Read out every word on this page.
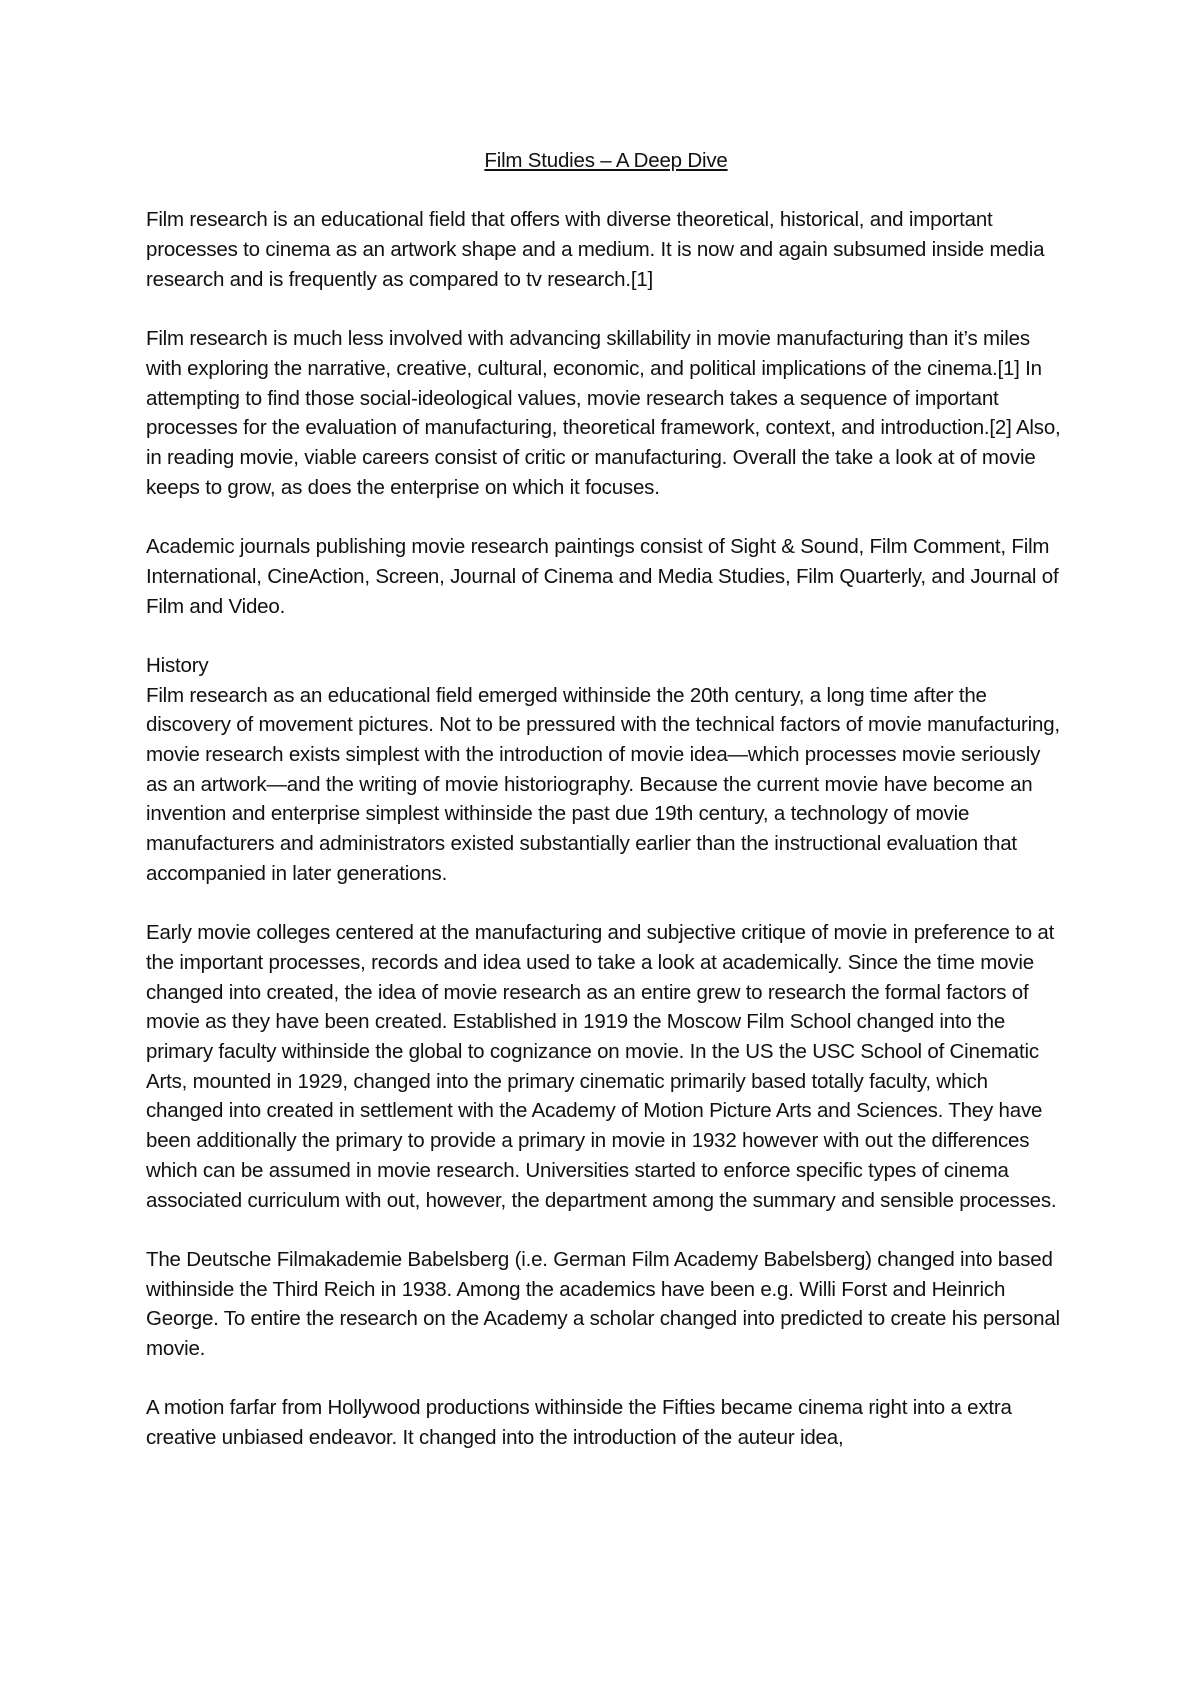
Film Studies – A Deep Dive

Film research is an educational field that offers with diverse theoretical, historical, and important processes to cinema as an artwork shape and a medium. It is now and again subsumed inside media research and is frequently as compared to tv research.[1]

Film research is much less involved with advancing skillability in movie manufacturing than it’s miles with exploring the narrative, creative, cultural, economic, and political implications of the cinema.[1] In attempting to find those social-ideological values, movie research takes a sequence of important processes for the evaluation of manufacturing, theoretical framework, context, and introduction.[2] Also, in reading movie, viable careers consist of critic or manufacturing. Overall the take a look at of movie keeps to grow, as does the enterprise on which it focuses.

Academic journals publishing movie research paintings consist of Sight & Sound, Film Comment, Film International, CineAction, Screen, Journal of Cinema and Media Studies, Film Quarterly, and Journal of Film and Video.

History

Film research as an educational field emerged withinside the 20th century, a long time after the discovery of movement pictures. Not to be pressured with the technical factors of movie manufacturing, movie research exists simplest with the introduction of movie idea—which processes movie seriously as an artwork—and the writing of movie historiography. Because the current movie have become an invention and enterprise simplest withinside the past due 19th century, a technology of movie manufacturers and administrators existed substantially earlier than the instructional evaluation that accompanied in later generations.

Early movie colleges centered at the manufacturing and subjective critique of movie in preference to at the important processes, records and idea used to take a look at academically. Since the time movie changed into created, the idea of movie research as an entire grew to research the formal factors of movie as they have been created. Established in 1919 the Moscow Film School changed into the primary faculty withinside the global to cognizance on movie. In the US the USC School of Cinematic Arts, mounted in 1929, changed into the primary cinematic primarily based totally faculty, which changed into created in settlement with the Academy of Motion Picture Arts and Sciences. They have been additionally the primary to provide a primary in movie in 1932 however with out the differences which can be assumed in movie research. Universities started to enforce specific types of cinema associated curriculum with out, however, the department among the summary and sensible processes.

The Deutsche Filmakademie Babelsberg (i.e. German Film Academy Babelsberg) changed into based withinside the Third Reich in 1938. Among the academics have been e.g. Willi Forst and Heinrich George. To entire the research on the Academy a scholar changed into predicted to create his personal movie.

A motion farfar from Hollywood productions withinside the Fifties became cinema right into a extra creative unbiased endeavor. It changed into the introduction of the auteur idea,
